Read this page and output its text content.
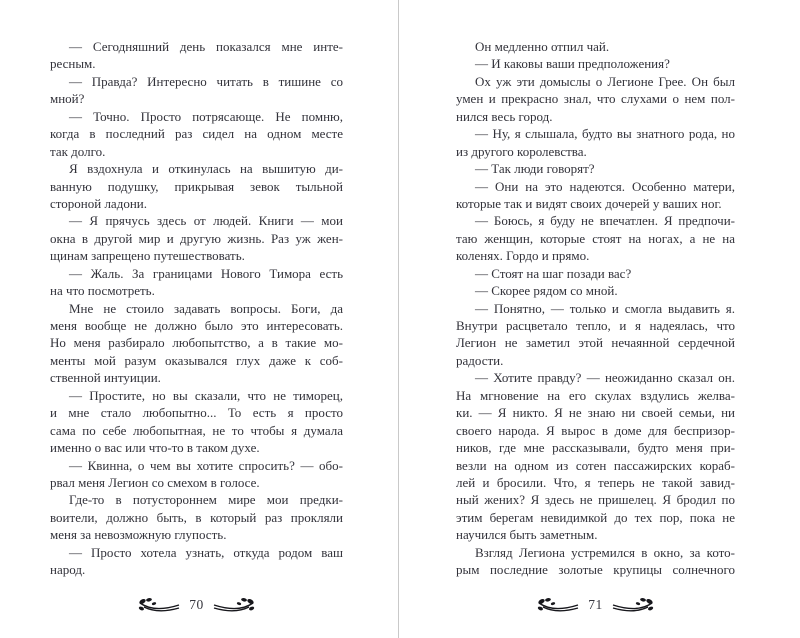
— Сегодняшний день показался мне инте-
ресным.
— Правда? Интересно читать в тишине со
мной?
— Точно. Просто потрясающе. Не помню,
когда в последний раз сидел на одном месте
так долго.
Я вздохнула и откинулась на вышитую ди-
ванную подушку, прикрывая зевок тыльной
стороной ладони.
— Я прячусь здесь от людей. Книги — мои
окна в другой мир и другую жизнь. Раз уж жен-
щинам запрещено путешествовать.
— Жаль. За границами Нового Тимора есть
на что посмотреть.
Мне не стоило задавать вопросы. Боги, да
меня вообще не должно было это интересовать.
Но меня разбирало любопытство, а в такие мо-
менты мой разум оказывался глух даже к соб-
ственной интуиции.
— Простите, но вы сказали, что не тиморец,
и мне стало любопытно... То есть я просто
сама по себе любопытная, не то чтобы я думала
именно о вас или что-то в таком духе.
— Квинна, о чем вы хотите спросить? — обо-
рвал меня Легион со смехом в голосе.
Где-то в потустороннем мире мои предки-
воители, должно быть, в который раз прокляли
меня за невозможную глупость.
— Просто хотела узнать, откуда родом ваш
народ.
70
Он медленно отпил чай.
— И каковы ваши предположения?
Ох уж эти домыслы о Легионе Грее. Он был
умен и прекрасно знал, что слухами о нем пол-
нился весь город.
— Ну, я слышала, будто вы знатного рода, но
из другого королевства.
— Так люди говорят?
— Они на это надеются. Особенно матери,
которые так и видят своих дочерей у ваших ног.
— Боюсь, я буду не впечатлен. Я предпочи-
таю женщин, которые стоят на ногах, а не на
коленях. Гордо и прямо.
— Стоят на шаг позади вас?
— Скорее рядом со мной.
— Понятно, — только и смогла выдавить я.
Внутри расцветало тепло, и я надеялась, что
Легион не заметил этой нечаянной сердечной
радости.
— Хотите правду? — неожиданно сказал он.
На мгновение на его скулах вздулись желва-
ки. — Я никто. Я не знаю ни своей семьи, ни
своего народа. Я вырос в доме для беспризор-
ников, где мне рассказывали, будто меня при-
везли на одном из сотен пассажирских кораб-
лей и бросили. Что, я теперь не такой завид-
ный жених? Я здесь не пришелец. Я бродил по
этим берегам невидимкой до тех пор, пока не
научился быть заметным.
Взгляд Легиона устремился в окно, за кото-
рым последние золотые крупицы солнечного
71
